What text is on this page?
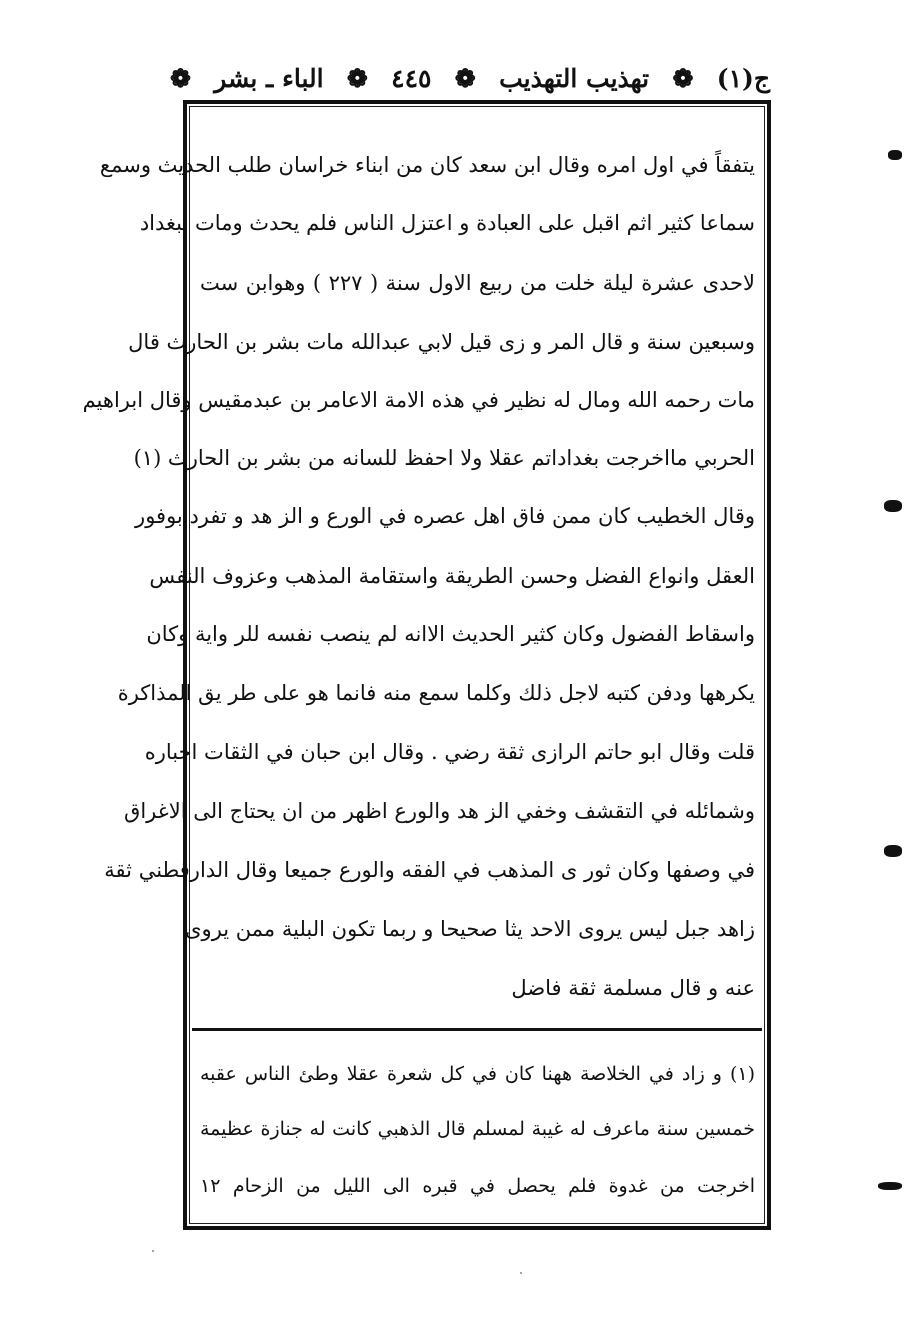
ج(١)
❁
تهذيب التهذيب
❁
٤٤٥
❁
الباء ـ بشر
❁
يتفقاً في اول امره وقال ابن سعد كان من ابناء خراسان طلب الحديث وسمع
سماعا كثير اثم اقبل على العبادة و اعتزل الناس فلم يحدث ومات ببغداد
لاحدى عشرة ليلة خلت من ربيع الاول سنة ( ٢٢٧ ) وهوابن ست
وسبعين سنة و قال المر و زى قيل لابي عبدالله مات بشر بن الحارث قال
مات رحمه الله ومال له نظير في هذه الامة الاعامر بن عبدمقيس وقال ابراهيم
الحربي مااخرجت بغداداتم عقلا ولا احفظ للسانه من بشر بن الحارث (١)
وقال الخطيب كان ممن فاق اهل عصره في الورع و الز هد و تفرد بوفور
العقل وانواع الفضل وحسن الطريقة واستقامة المذهب وعزوف النفس
واسقاط الفضول وكان كثير الحديث الاانه لم ينصب نفسه للر واية وكان
يكرهها ودفن كتبه لاجل ذلك وكلما سمع منه فانما هو على طر يق المذاكرة
قلت وقال ابو حاتم الرازى ثقة رضي . وقال ابن حبان في الثقات اخباره
وشمائله في التقشف وخفي الز هد والورع اظهر من ان يحتاج الى الاغراق
في وصفها وكان ثور ى المذهب في الفقه والورع جميعا وقال الدارقطني ثقة
زاهد جبل ليس يروى الاحد يثا صحيحا و ربما تكون البلية ممن يروى
عنه و قال مسلمة ثقة فاضل
(١) و زاد في الخلاصة ههنا كان في كل شعرة عقلا وطئ الناس عقبه
خمسين سنة ماعرف له غيبة لمسلم قال الذهبي كانت له جنازة عظيمة
اخرجت من غدوة فلم يحصل في قبره الى الليل من الزحام ١٢
